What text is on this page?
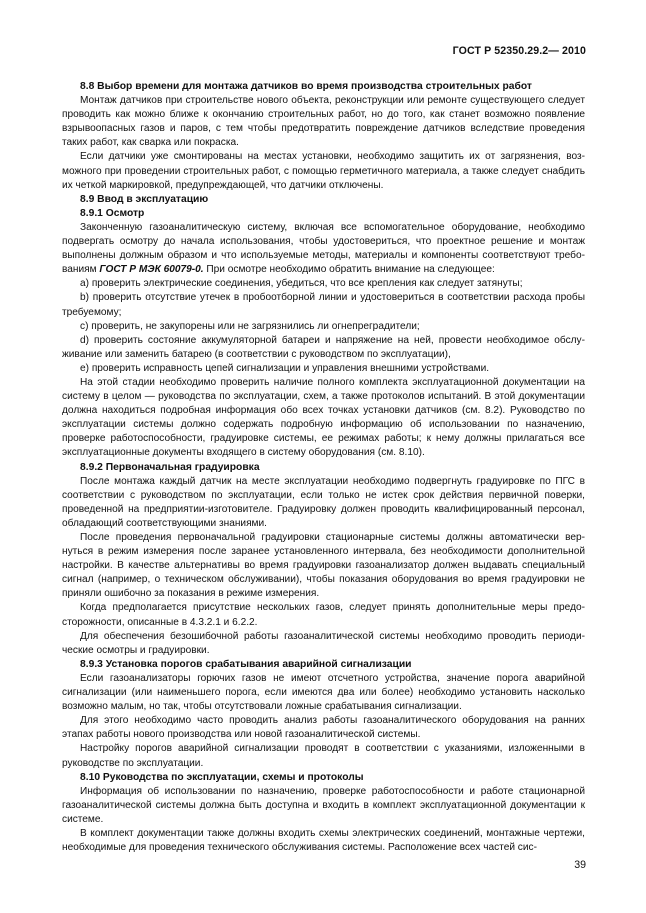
ГОСТ Р 52350.29.2— 2010
8.8 Выбор времени для монтажа датчиков во время производства строительных работ

Монтаж датчиков при строительстве нового объекта, реконструкции или ремонте существующего следует проводить как можно ближе к окончанию строительных работ, но до того, как станет возможно появление взрывоопасных газов и паров, с тем чтобы предотвратить повреждение датчиков вследствие проведения таких работ, как сварка или покраска.

Если датчики уже смонтированы на местах установки, необходимо защитить их от загрязнения, возможного при проведении строительных работ, с помощью герметичного материала, а также следует снабдить их четкой маркировкой, предупреждающей, что датчики отключены.

8.9 Ввод в эксплуатацию
8.9.1 Осмотр

Законченную газоаналитическую систему, включая все вспомогательное оборудование, необходимо подвергать осмотру до начала использования, чтобы удостовериться, что проектное решение и монтаж выполнены должным образом и что используемые методы, материалы и компоненты соответствуют требованиям ГОСТ Р МЭК 60079-0. При осмотре необходимо обратить внимание на следующее:

а) проверить электрические соединения, убедиться, что все крепления как следует затянуты;

b) проверить отсутствие утечек в пробоотборной линии и удостовериться в соответствии расхода пробы требуемому;

с) проверить, не закупорены или не загрязнились ли огнепреградители;

d) проверить состояние аккумуляторной батареи и напряжение на ней, провести необходимое обслуживание или заменить батарею (в соответствии с руководством по эксплуатации),

е) проверить исправность цепей сигнализации и управления внешними устройствами.

На этой стадии необходимо проверить наличие полного комплекта эксплуатационной документации на систему в целом — руководства по эксплуатации, схем, а также протоколов испытаний. В этой документации должна находиться подробная информация обо всех точках установки датчиков (см. 8.2). Руководство по эксплуатации системы должно содержать подробную информацию об использовании по назначению, проверке работоспособности, градуировке системы, ее режимах работы; к нему должны прилагаться все эксплуатационные документы входящего в систему оборудования (см. 8.10).

8.9.2 Первоначальная градуировка

После монтажа каждый датчик на месте эксплуатации необходимо подвергнуть градуировке по ПГС в соответствии с руководством по эксплуатации, если только не истек срок действия первичной поверки, проведенной на предприятии-изготовителе. Градуировку должен проводить квалифицированный персонал, обладающий соответствующими знаниями.

После проведения первоначальной градуировки стационарные системы должны автоматически вернуться в режим измерения после заранее установленного интервала, без необходимости дополнительной настройки. В качестве альтернативы во время градуировки газоанализатор должен выдавать специальный сигнал (например, о техническом обслуживании), чтобы показания оборудования во время градуировки не приняли ошибочно за показания в режиме измерения.

Когда предполагается присутствие нескольких газов, следует принять дополнительные меры предосторожности, описанные в 4.3.2.1 и 6.2.2.

Для обеспечения безошибочной работы газоаналитической системы необходимо проводить периодические осмотры и градуировки.

8.9.3 Установка порогов срабатывания аварийной сигнализации

Если газоанализаторы горючих газов не имеют отсчетного устройства, значение порога аварийной сигнализации (или наименьшего порога, если имеются два или более) необходимо установить насколько возможно малым, но так, чтобы отсутствовали ложные срабатывания сигнализации.

Для этого необходимо часто проводить анализ работы газоаналитического оборудования на ранних этапах работы нового производства или новой газоаналитической системы.

Настройку порогов аварийной сигнализации проводят в соответствии с указаниями, изложенными в руководстве по эксплуатации.

8.10 Руководства по эксплуатации, схемы и протоколы

Информация об использовании по назначению, проверке работоспособности и работе стационарной газоаналитической системы должна быть доступна и входить в комплект эксплуатационной документации к системе.

В комплект документации также должны входить схемы электрических соединений, монтажные чертежи, необходимые для проведения технического обслуживания системы. Расположение всех частей сис-

39
